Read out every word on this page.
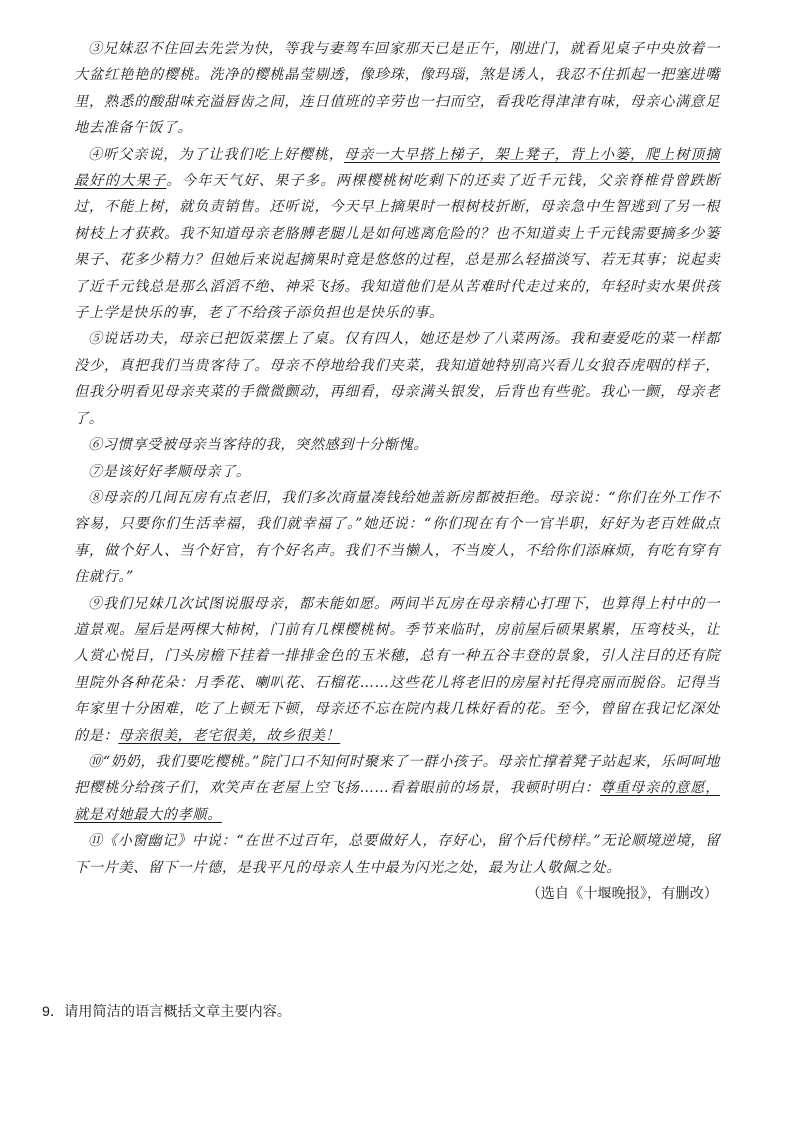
③兄妹忍不住回去先尝为快，等我与妻驾车回家那天已是正午，刚进门，就看见桌子中央放着一大盆红艳艳的樱桃。洗净的樱桃晶莹剔透，像珍珠，像玛瑙，煞是诱人，我忍不住抓起一把塞进嘴里，熟悉的酸甜味充溢唇齿之间，连日值班的辛劳也一扫而空，看我吃得津津有味，母亲心满意足地去准备午饭了。

④听父亲说，为了让我们吃上好樱桃，母亲一大早搭上梯子，架上凳子，背上小篓，爬上树顶摘最好的大果子。今年天气好、果子多。两棵樱桃树吃剩下的还卖了近千元钱，父亲脊椎骨曾跌断过，不能上树，就负责销售。还听说，今天早上摘果时一根树枝折断，母亲急中生智逃到了另一根树枝上才获救。我不知道母亲老胳膊老腿儿是如何逃离危险的？也不知道卖上千元钱需要摘多少篓果子、花多少精力？但她后来说起摘果时竟是悠悠的过程，总是那么轻描淡写、若无其事；说起卖了近千元钱总是那么滔滔不绝、神采飞扬。我知道他们是从苦难时代走过来的，年轻时卖水果供孩子上学是快乐的事，老了不给孩子添负担也是快乐的事。

⑤说话功夫，母亲已把饭菜摆上了桌。仅有四人，她还是炒了八菜两汤。我和妻爱吃的菜一样都没少，真把我们当贵客待了。母亲不停地给我们夹菜，我知道她特别高兴看儿女狼吞虎咽的样子，但我分明看见母亲夹菜的手微微颤动，再细看，母亲满头银发，后背也有些驼。我心一颤，母亲老了。

⑥习惯享受被母亲当客待的我，突然感到十分惭愧。

⑦是该好好孝顺母亲了。

⑧母亲的几间瓦房有点老旧，我们多次商量凑钱给她盖新房都被拒绝。母亲说：“你们在外工作不容易，只要你们生活幸福，我们就幸福了。”她还说：“你们现在有个一官半职，好好为老百姓做点事，做个好人、当个好官，有个好名声。我们不当懒人，不当废人，不给你们添麻烦，有吃有穿有住就行。”

⑨我们兄妹几次试图说服母亲，都未能如愿。两间半瓦房在母亲精心打理下，也算得上村中的一道景观。屋后是两棵大柿树，门前有几棵樱桃树。季节来临时，房前屋后硕果累累，压弯枝头，让人赏心悦目，门头房檐下挂着一排排金色的玉米穗，总有一种五谷丰登的景象，引人注目的还有院里院外各种花朵：月季花、喇叭花、石榴花……这些花儿将老旧的房屋衬托得亮丽而脱俗。记得当年家里十分困难，吃了上顿无下顿，母亲还不忘在院内栽几株好看的花。至今，曾留在我记忆深处的是：母亲很美，老宅很美，故乡很美！

⑩“奶奶，我们要吃樱桃。”院门口不知何时聚来了一群小孩子。母亲忙撑着凳子站起来，乐呵呵地把樱桃分给孩子们，欢笑声在老屋上空飞扬……看着眼前的场景，我顿时明白：尊重母亲的意愿，就是对她最大的孝顺。

⑪《小窗幽记》中说：“在世不过百年，总要做好人，存好心，留个后代榜样。”无论顺境逆境，留下一片美、留下一片德，是我平凡的母亲人生中最为闪光之处，最为让人敬佩之处。

（选自《十堰晚报》，有删改）

9．请用简洁的语言概括文章主要内容。
